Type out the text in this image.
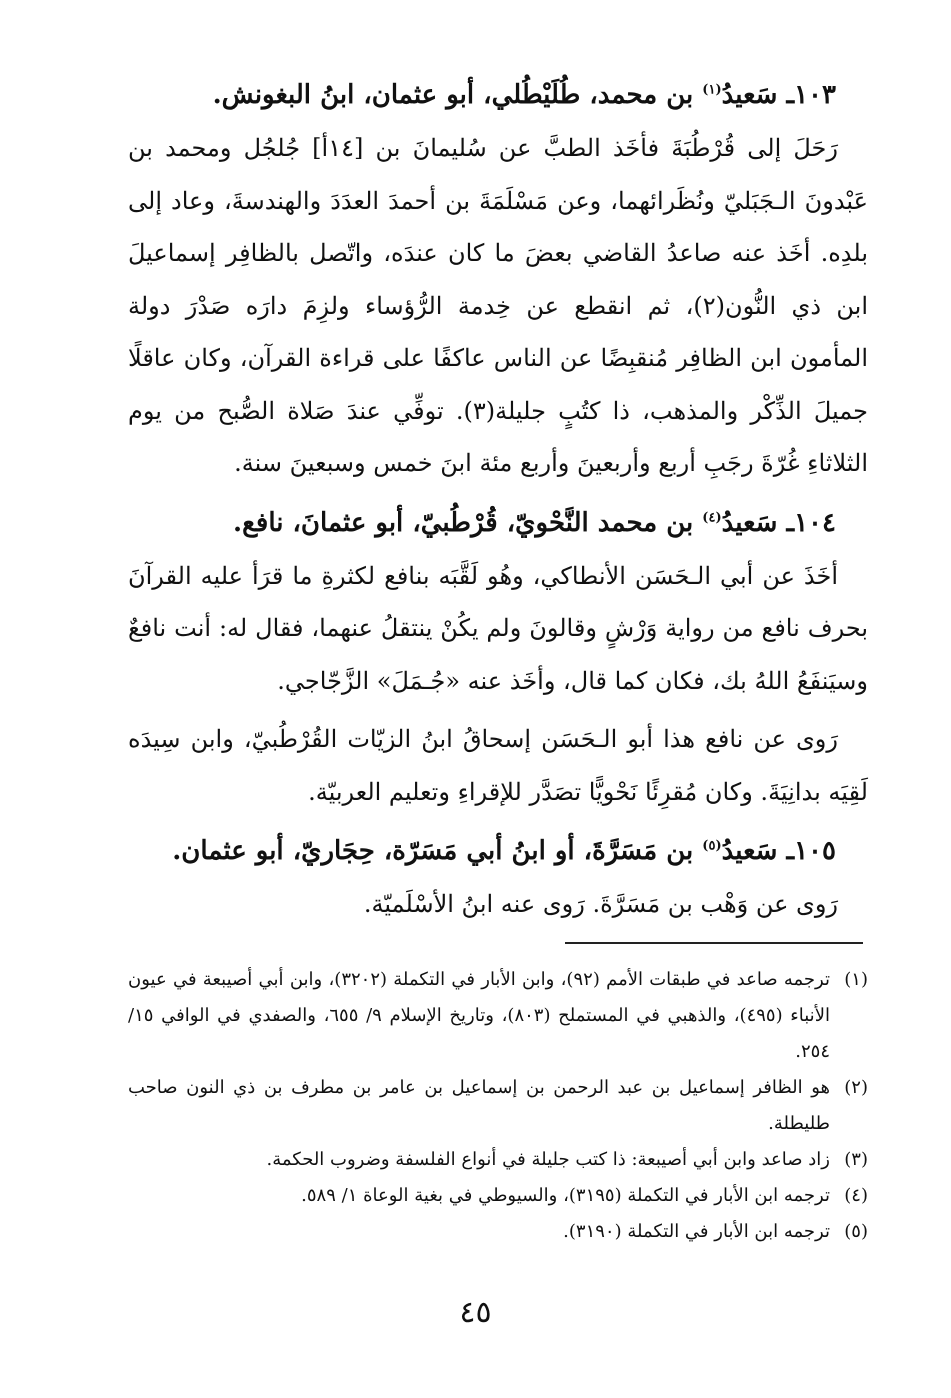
١٠٣ـ سَعيدُ$^{(١)}$ بن محمد، طُلَيْطُلي، أبو عثمان، ابنُ البغونش.

رَحَلَ إلى قُرْطُبَةَ فأخَذ الطبَّ عن سُليمانَ بن [١٤أ] جُلجُل ومحمد بن عَبْدونَ الـجَبَليّ ونُظَرائهما، وعن مَسْلَمَةَ بن أحمدَ العدَدَ والهندسةَ، وعاد إلى بلدِه. أخَذ عنه صاعدُ القاضي بعضَ ما كان عندَه، واتّصل بالظافِر إسماعيلَ ابن ذي النُّون(٢)، ثم انقطع عن خِدمة الرُّؤساء ولزِمَ دارَه صَدْرَ دولة المأمون ابن الظافِر مُنقبِضًا عن الناس عاكفًا على قراءة القرآن، وكان عاقلًا جميلَ الذِّكْر والمذهب، ذا كتُبٍ جليلة(٣). توفِّي عندَ صَلاة الصُّبح من يوم الثلاثاءِ غُرّةَ رجَبِ أربع وأربعينَ وأربع مئة ابنَ خمس وسبعينَ سنة.

١٠٤ـ سَعيدُ$^{(٤)}$ بن محمد النَّحْويّ، قُرْطُبيّ، أبو عثمانَ، نافع.

أخَذَ عن أبي الـحَسَن الأنطاكي، وهُو لَقَّبَه بنافع لكثرةِ ما قرَأ عليه القرآنَ بحرف نافع من رواية وَرْشٍ وقالونَ ولم يكُنْ ينتقلُ عنهما، فقال له: أنت نافعٌ وسيَنفَعُ اللهُ بك، فكان كما قال، وأخَذ عنه «جُـمَلَ» الزَّجّاجي.

رَوى عن نافع هذا أبو الـحَسَن إسحاقُ ابنُ الزيّات القُرْطُبيّ، وابن سِيدَه لَقِيَه بدانِيَةَ. وكان مُقرِئًا نَحْويًّا تصَدَّر للإقراءِ وتعليم العربيّة.

١٠٥ـ سَعيدُ$^{(٥)}$ بن مَسَرَّةَ، أو ابنُ أبي مَسَرّة، حِجَاريّ، أبو عثمان.

رَوى عن وَهْب بن مَسَرَّةَ. رَوى عنه ابنُ الأسْلَميّة.

(١)ترجمه صاعد في طبقات الأمم (٩٢)، وابن الأبار في التكملة (٣٢٠٢)، وابن أبي أصيبعة في عيون الأنباء (٤٩٥)، والذهبي في المستملح (٨٠٣)، وتاريخ الإسلام ٩/ ٦٥٥، والصفدي في الوافي ١٥/ ٢٥٤.

(٢)هو الظافر إسماعيل بن عبد الرحمن بن إسماعيل بن عامر بن مطرف بن ذي النون صاحب طليطلة.

(٣)زاد صاعد وابن أبي أصيبعة: ذا كتب جليلة في أنواع الفلسفة وضروب الحكمة.

(٤)ترجمه ابن الأبار في التكملة (٣١٩٥)، والسيوطي في بغية الوعاة ١/ ٥٨٩.

(٥)ترجمه ابن الأبار في التكملة (٣١٩٠).

٤٥
